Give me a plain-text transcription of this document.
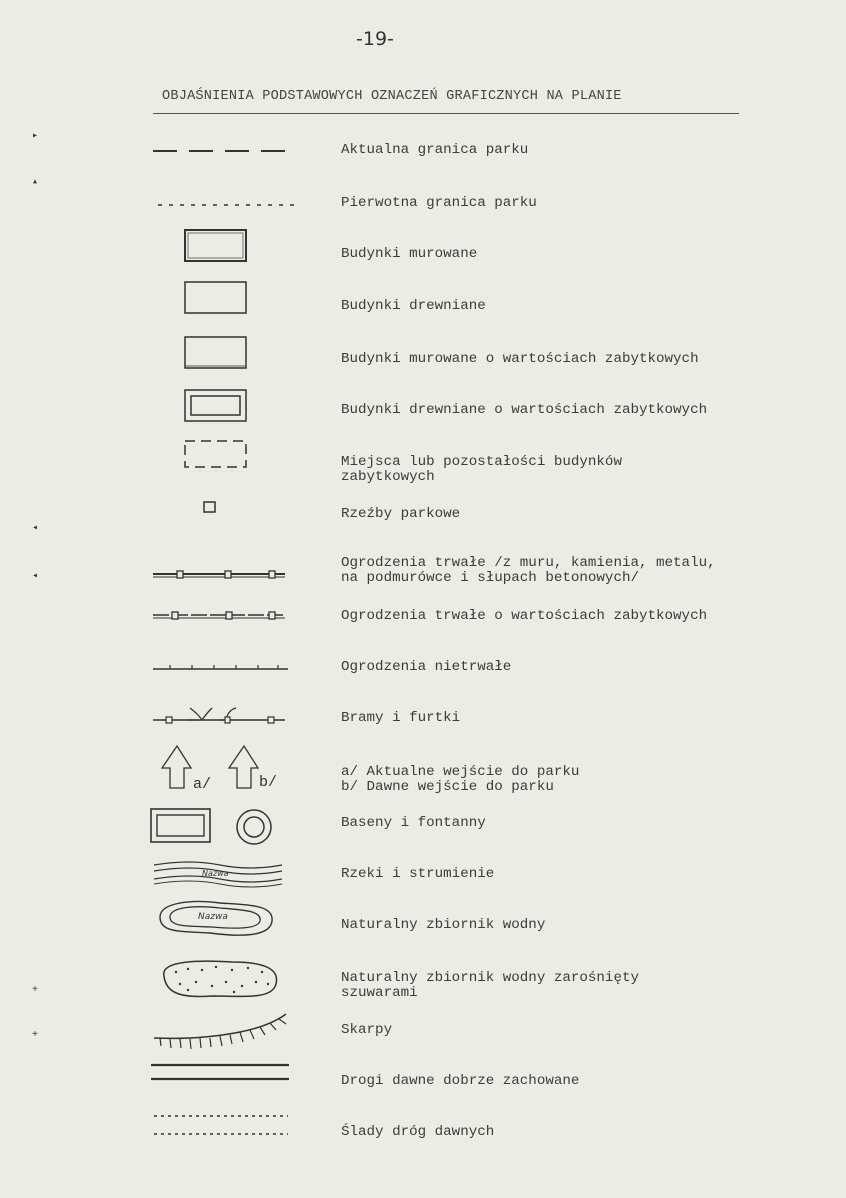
-19-
OBJAŚNIENIA PODSTAWOWYCH OZNACZEŃ GRAFICZNYCH NA PLANIE
▸
▴
◂
◂
+
+
Aktualna granica parku
Pierwotna granica parku
Budynki murowane
Budynki drewniane
Budynki murowane o wartościach zabytkowych
Budynki drewniane o wartościach zabytkowych
Miejsca lub pozostałości budynków
zabytkowych
Rzeźby parkowe
Ogrodzenia trwałe /z muru, kamienia, metalu,
na podmurówce i słupach betonowych/
Ogrodzenia trwałe o wartościach zabytkowych
Ogrodzenia nietrwałe
Bramy i furtki
a/ Aktualne wejście do parku
b/ Dawne wejście do parku
Baseny i fontanny
Rzeki i strumienie
Naturalny zbiornik wodny
Naturalny zbiornik wodny zarośnięty
szuwarami
Skarpy
Drogi dawne dobrze zachowane
Ślady dróg dawnych
a/	b/
Nazwa
Nazwa
